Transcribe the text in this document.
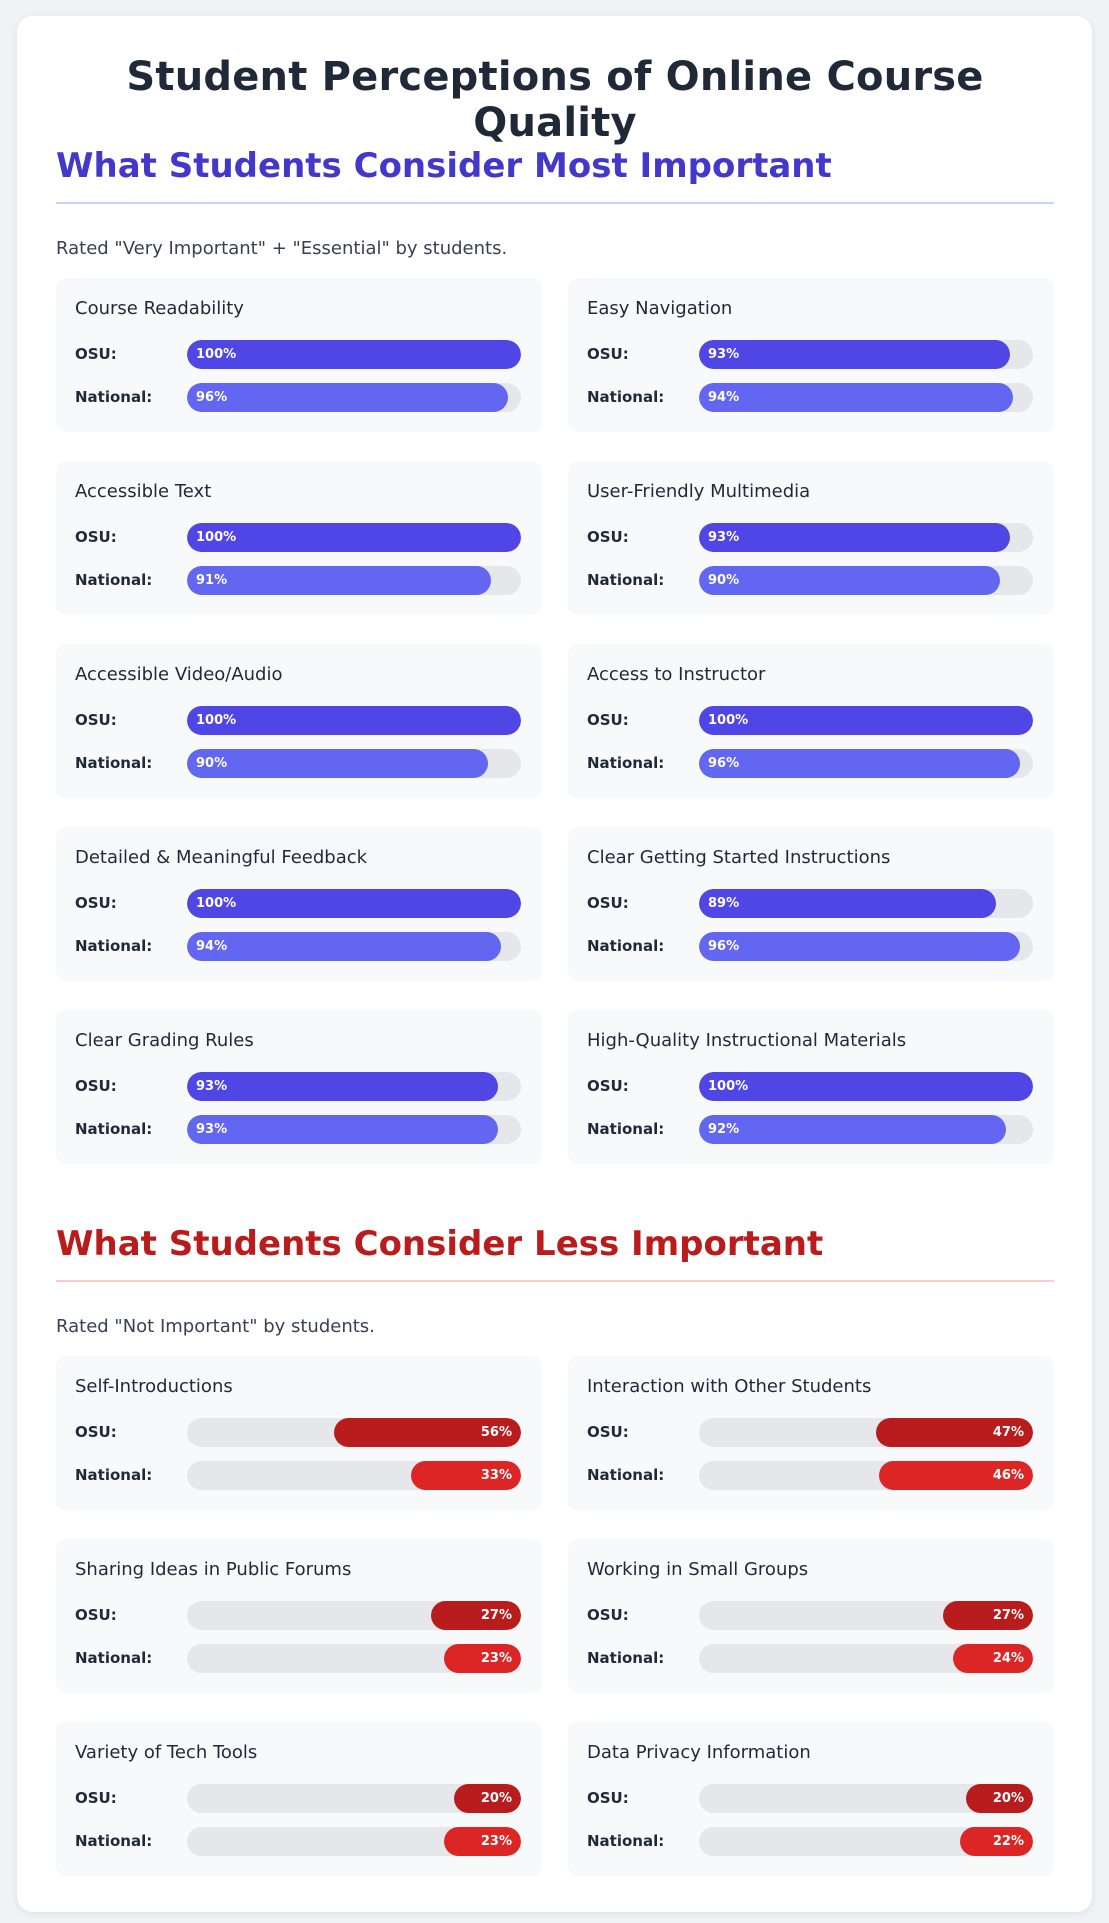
Student Perceptions of Online Course Quality
What Students Consider Most Important

Rated "Very Important" + "Essential" by students.

Course Readability
OSU:	100%
National:	96%
Easy Navigation
OSU:	93%
National:	94%
Accessible Text
OSU:	100%
National:	91%
User-Friendly Multimedia
OSU:	93%
National:	90%
Accessible Video/Audio
OSU:	100%
National:	90%
Access to Instructor
OSU:	100%
National:	96%
Detailed & Meaningful Feedback
OSU:	100%
National:	94%
Clear Getting Started Instructions
OSU:	89%
National:	96%
Clear Grading Rules
OSU:	93%
National:	93%
High-Quality Instructional Materials
OSU:	100%
National:	92%
What Students Consider Less Important

Rated "Not Important" by students.

Self-Introductions
OSU:	56%
National:	33%
Interaction with Other Students
OSU:	47%
National:	46%
Sharing Ideas in Public Forums
OSU:	27%
National:	23%
Working in Small Groups
OSU:	27%
National:	24%
Variety of Tech Tools
OSU:	20%
National:	23%
Data Privacy Information
OSU:	20%
National:	22%
